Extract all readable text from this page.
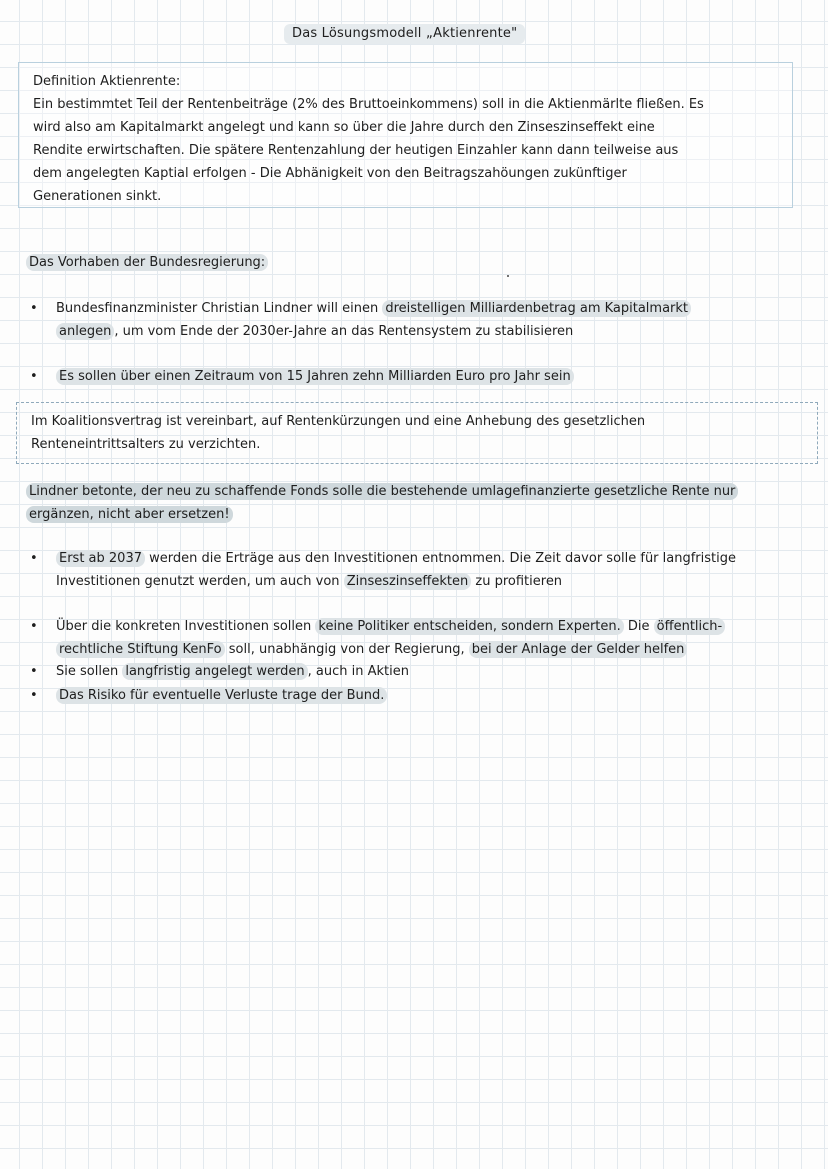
Das Lösungsmodell „Aktienrente"
Definition Aktienrente:
Ein bestimmtet Teil der Rentenbeiträge (2% des Bruttoeinkommens) soll in die Aktienmärlte fließen. Es
wird also am Kapitalmarkt angelegt und kann so über die Jahre durch den Zinseszinseffekt eine
Rendite erwirtschaften. Die spätere Rentenzahlung der heutigen Einzahler kann dann teilweise aus
dem angelegten Kaptial erfolgen - Die Abhänigkeit von den Beitragszahöungen zukünftiger
Generationen sinkt.
Das Vorhaben der Bundesregierung:
• Bundesfinanzminister Christian Lindner will einen dreistelligen Milliardenbetrag am Kapitalmarkt
anlegen , um vom Ende der 2030er-Jahre an das Rentensystem zu stabilisieren
• Es sollen über einen Zeitraum von 15 Jahren zehn Milliarden Euro pro Jahr sein
Im Koalitionsvertrag ist vereinbart, auf Rentenkürzungen und eine Anhebung des gesetzlichen
Renteneintrittsalters zu verzichten.
Lindner betonte, der neu zu schaffende Fonds solle die bestehende umlagefinanzierte gesetzliche Rente nur
ergänzen, nicht aber ersetzen!
• Erst ab 2037 werden die Erträge aus den Investitionen entnommen. Die Zeit davor solle für langfristige
Investitionen genutzt werden, um auch von Zinseszinseffekten zu profitieren
• Über die konkreten Investitionen sollen keine Politiker entscheiden, sondern Experten. Die öffentlich-
rechtliche Stiftung KenFo soll, unabhängig von der Regierung, bei der Anlage der Gelder helfen
• Sie sollen langfristig angelegt werden , auch in Aktien
• Das Risiko für eventuelle Verluste trage der Bund.
